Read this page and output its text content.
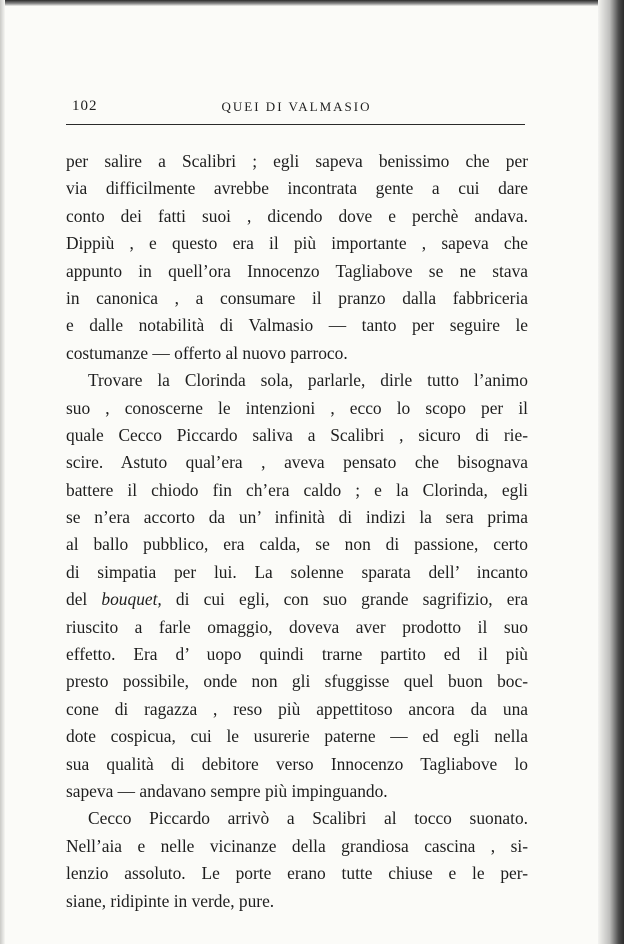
102	QUEI DI VALMASIO
per salire a Scalibri ; egli sapeva benissimo che per
via difficilmente avrebbe incontrata gente a cui dare
conto dei fatti suoi , dicendo dove e perchè andava.
Dippiù , e questo era il più importante , sapeva che
appunto in quell’ora Innocenzo Tagliabove se ne stava
in canonica , a consumare il pranzo dalla fabbriceria
e dalle notabilità di Valmasio — tanto per seguire le
costumanze — offerto al nuovo parroco.
Trovare la Clorinda sola, parlarle, dirle tutto l’animo
suo , conoscerne le intenzioni , ecco lo scopo per il
quale Cecco Piccardo saliva a Scalibri , sicuro di rie-
scire. Astuto qual’era , aveva pensato che bisognava
battere il chiodo fin ch’era caldo ; e la Clorinda, egli
se n’era accorto da un’ infinità di indizi la sera prima
al ballo pubblico, era calda, se non di passione, certo
di simpatia per lui. La solenne sparata dell’ incanto
del bouquet, di cui egli, con suo grande sagrifizio, era
riuscito a farle omaggio, doveva aver prodotto il suo
effetto. Era d’ uopo quindi trarne partito ed il più
presto possibile, onde non gli sfuggisse quel buon boc-
cone di ragazza , reso più appettitoso ancora da una
dote cospicua, cui le usurerie paterne — ed egli nella
sua qualità di debitore verso Innocenzo Tagliabove lo
sapeva — andavano sempre più impinguando.
Cecco Piccardo arrivò a Scalibri al tocco suonato.
Nell’aia e nelle vicinanze della grandiosa cascina , si-
lenzio assoluto. Le porte erano tutte chiuse e le per-
siane, ridipinte in verde, pure.
